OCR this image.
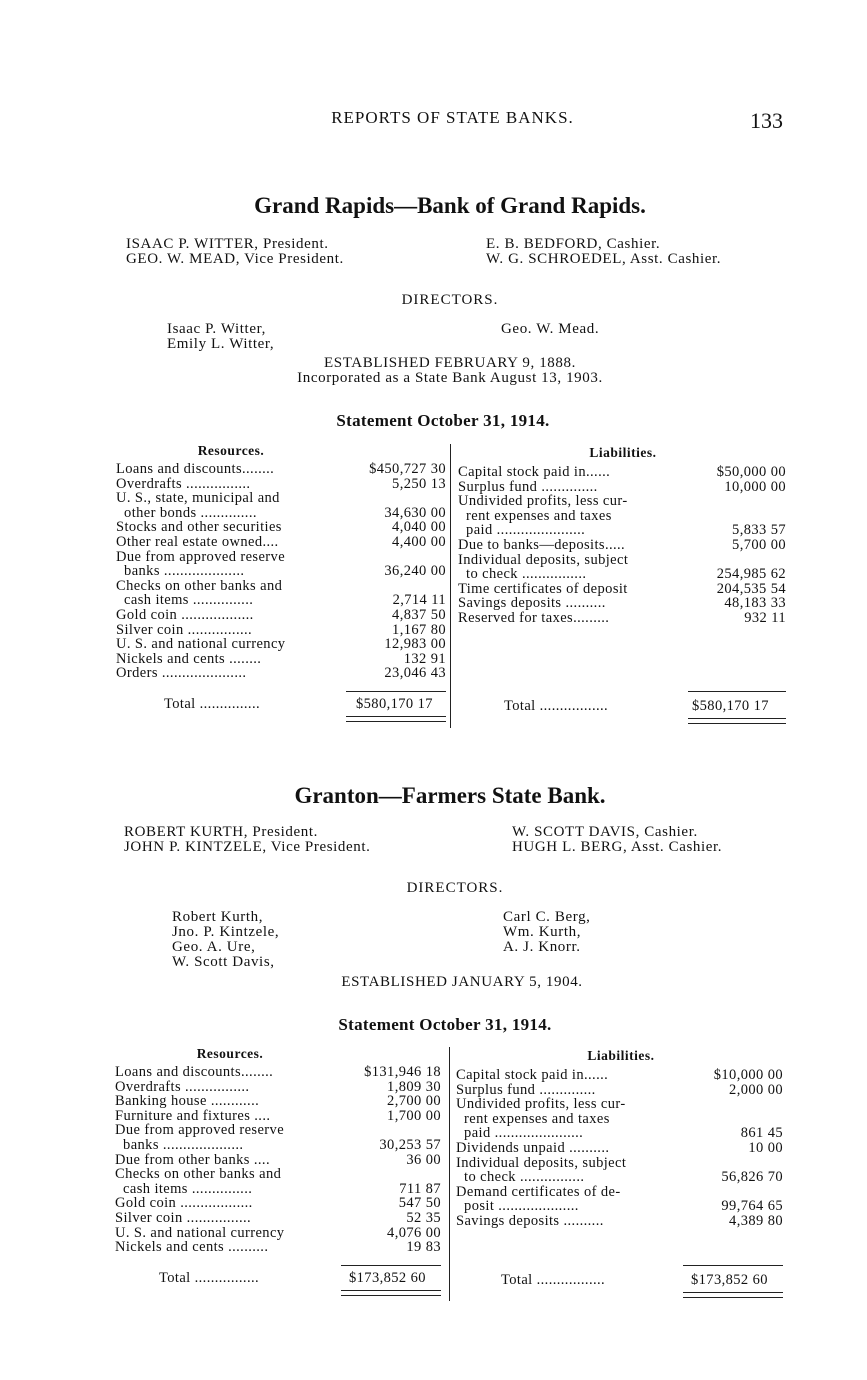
REPORTS OF STATE BANKS.	133
Grand Rapids—Bank of Grand Rapids.
ISAAC P. WITTER, President.
GEO. W. MEAD, Vice President.
E. B. BEDFORD, Cashier.
W. G. SCHROEDEL, Asst. Cashier.
DIRECTORS.
Isaac P. Witter,
Emily L. Witter,
Geo. W. Mead.
ESTABLISHED FEBRUARY 9, 1888.
Incorporated as a State Bank August 13, 1903.
Statement October 31, 1914.
Resources.
Loans and discounts........	$450,727 30
Overdrafts ................	5,250 13
U. S., state, municipal and
other bonds ..............	34,630 00
Stocks and other securities	4,040 00
Other real estate owned....	4,400 00
Due from approved reserve
banks ....................	36,240 00
Checks on other banks and
cash items ...............	2,714 11
Gold coin ..................	4,837 50
Silver coin ................	1,167 80
U. S. and national currency	12,983 00
Nickels and cents ........	132 91
Orders .....................	23,046 43
Liabilities.
Capital stock paid in......	$50,000 00
Surplus fund ..............	10,000 00
Undivided profits, less cur-
rent expenses and taxes
paid ......................	5,833 57
Due to banks—deposits.....	5,700 00
Individual deposits, subject
to check ................	254,985 62
Time certificates of deposit	204,535 54
Savings deposits ..........	48,183 33
Reserved for taxes.........	932 11
Total ...............	$580,170 17	Total .................	$580,170 17
Granton—Farmers State Bank.
ROBERT KURTH, President.
JOHN P. KINTZELE, Vice President.
W. SCOTT DAVIS, Cashier.
HUGH L. BERG, Asst. Cashier.
DIRECTORS.
Robert Kurth,
Jno. P. Kintzele,
Geo. A. Ure,
W. Scott Davis,
Carl C. Berg,
Wm. Kurth,
A. J. Knorr.
ESTABLISHED JANUARY 5, 1904.
Statement October 31, 1914.
Resources.
Loans and discounts........	$131,946 18
Overdrafts ................	1,809 30
Banking house ............	2,700 00
Furniture and fixtures ....	1,700 00
Due from approved reserve
banks ....................	30,253 57
Due from other banks ....	36 00
Checks on other banks and
cash items ...............	711 87
Gold coin ..................	547 50
Silver coin ................	52 35
U. S. and national currency	4,076 00
Nickels and cents ..........	19 83
Liabilities.
Capital stock paid in......	$10,000 00
Surplus fund ..............	2,000 00
Undivided profits, less cur-
rent expenses and taxes
paid ......................	861 45
Dividends unpaid ..........	10 00
Individual deposits, subject
to check ................	56,826 70
Demand certificates of de-
posit ....................	99,764 65
Savings deposits ..........	4,389 80
Total ................	$173,852 60	Total .................	$173,852 60
